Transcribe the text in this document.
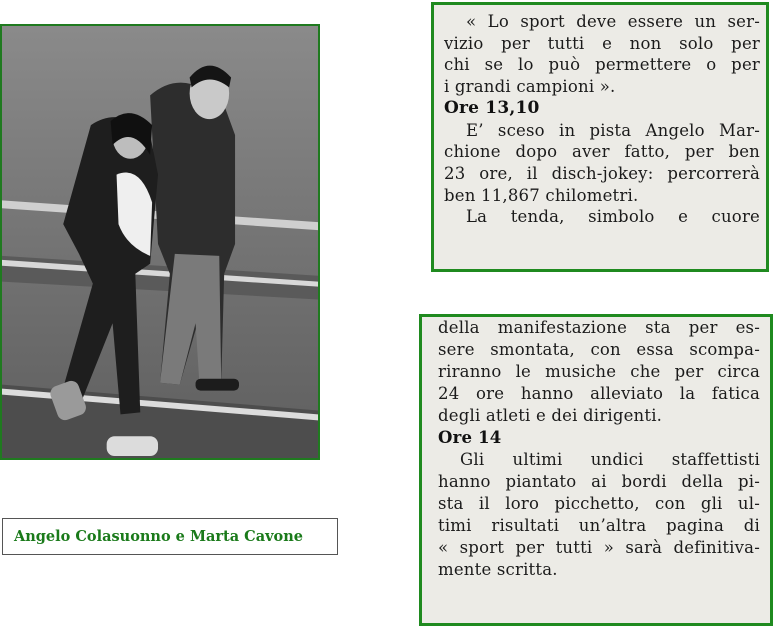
Angelo Colasuonno e Marta Cavone
« Lo sport deve essere un ser-
vizio per tutti e non solo per
chi se lo può permettere o per
i grandi campioni ».
Ore 13,10
E’ sceso in pista Angelo Mar-
chione dopo aver fatto, per ben
23 ore, il disch-jokey: percorrerà
ben 11,867 chilometri.
La tenda, simbolo e cuore
della manifestazione sta per es-
sere smontata, con essa scompa-
riranno le musiche che per circa
24 ore hanno alleviato la fatica
degli atleti e dei dirigenti.
Ore 14
Gli ultimi undici staffettisti
hanno piantato ai bordi della pi-
sta il loro picchetto, con gli ul-
timi risultati un’altra pagina di
« sport per tutti » sarà definitiva-
mente scritta.
